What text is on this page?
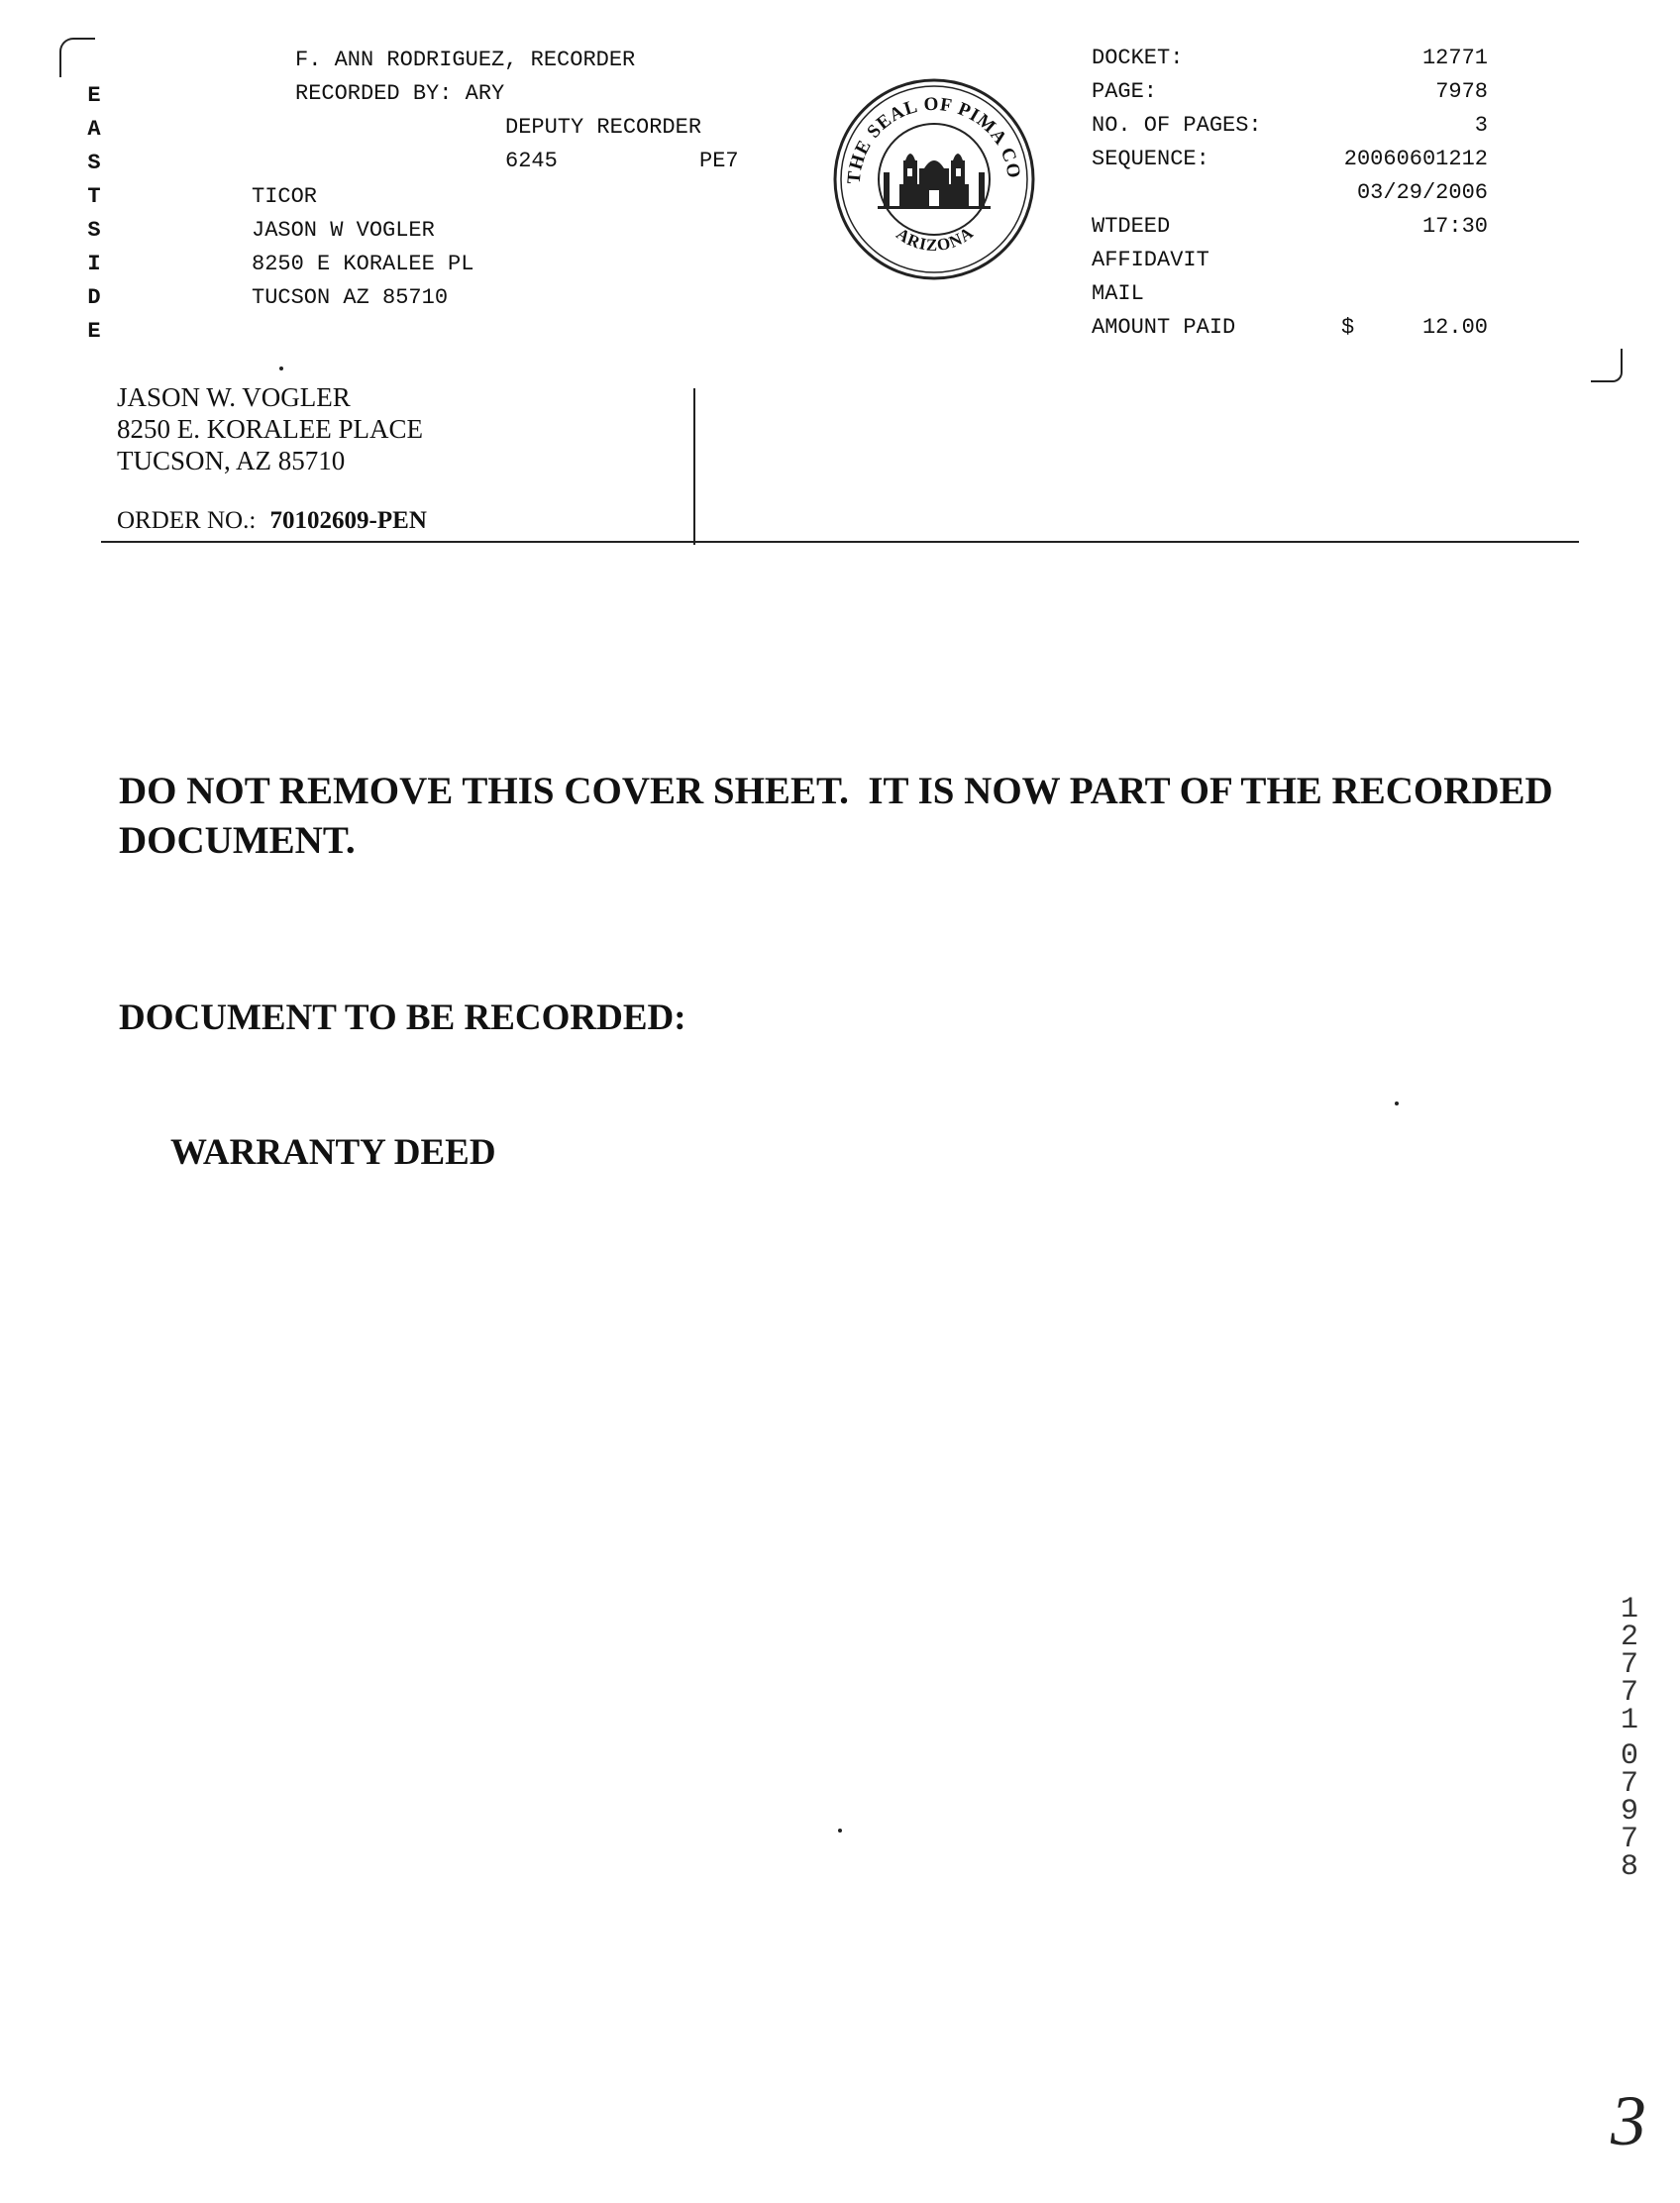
E
A
S
T
S
I
D
E
F. ANN RODRIGUEZ, RECORDER
RECORDED BY: ARY
DEPUTY RECORDER
6245	PE7
TICOR
JASON W VOGLER
8250 E KORALEE PL
TUCSON AZ 85710
THE SEAL OF PIMA CO
ARIZONA
DOCKET:	12771
PAGE:	7978
NO. OF PAGES:	3
SEQUENCE:	20060601212
03/29/2006
WTDEED	17:30
AFFIDAVIT
MAIL
AMOUNT PAID	$	12.00
JASON W. VOGLER
8250 E. KORALEE PLACE
TUCSON, AZ 85710
ORDER NO.: 70102609-PEN
DO NOT REMOVE THIS COVER SHEET.  IT IS NOW PART OF THE RECORDED
DOCUMENT.
DOCUMENT TO BE RECORDED:
WARRANTY DEED
1
2
7
7
1
0
7
9
7
8
3
